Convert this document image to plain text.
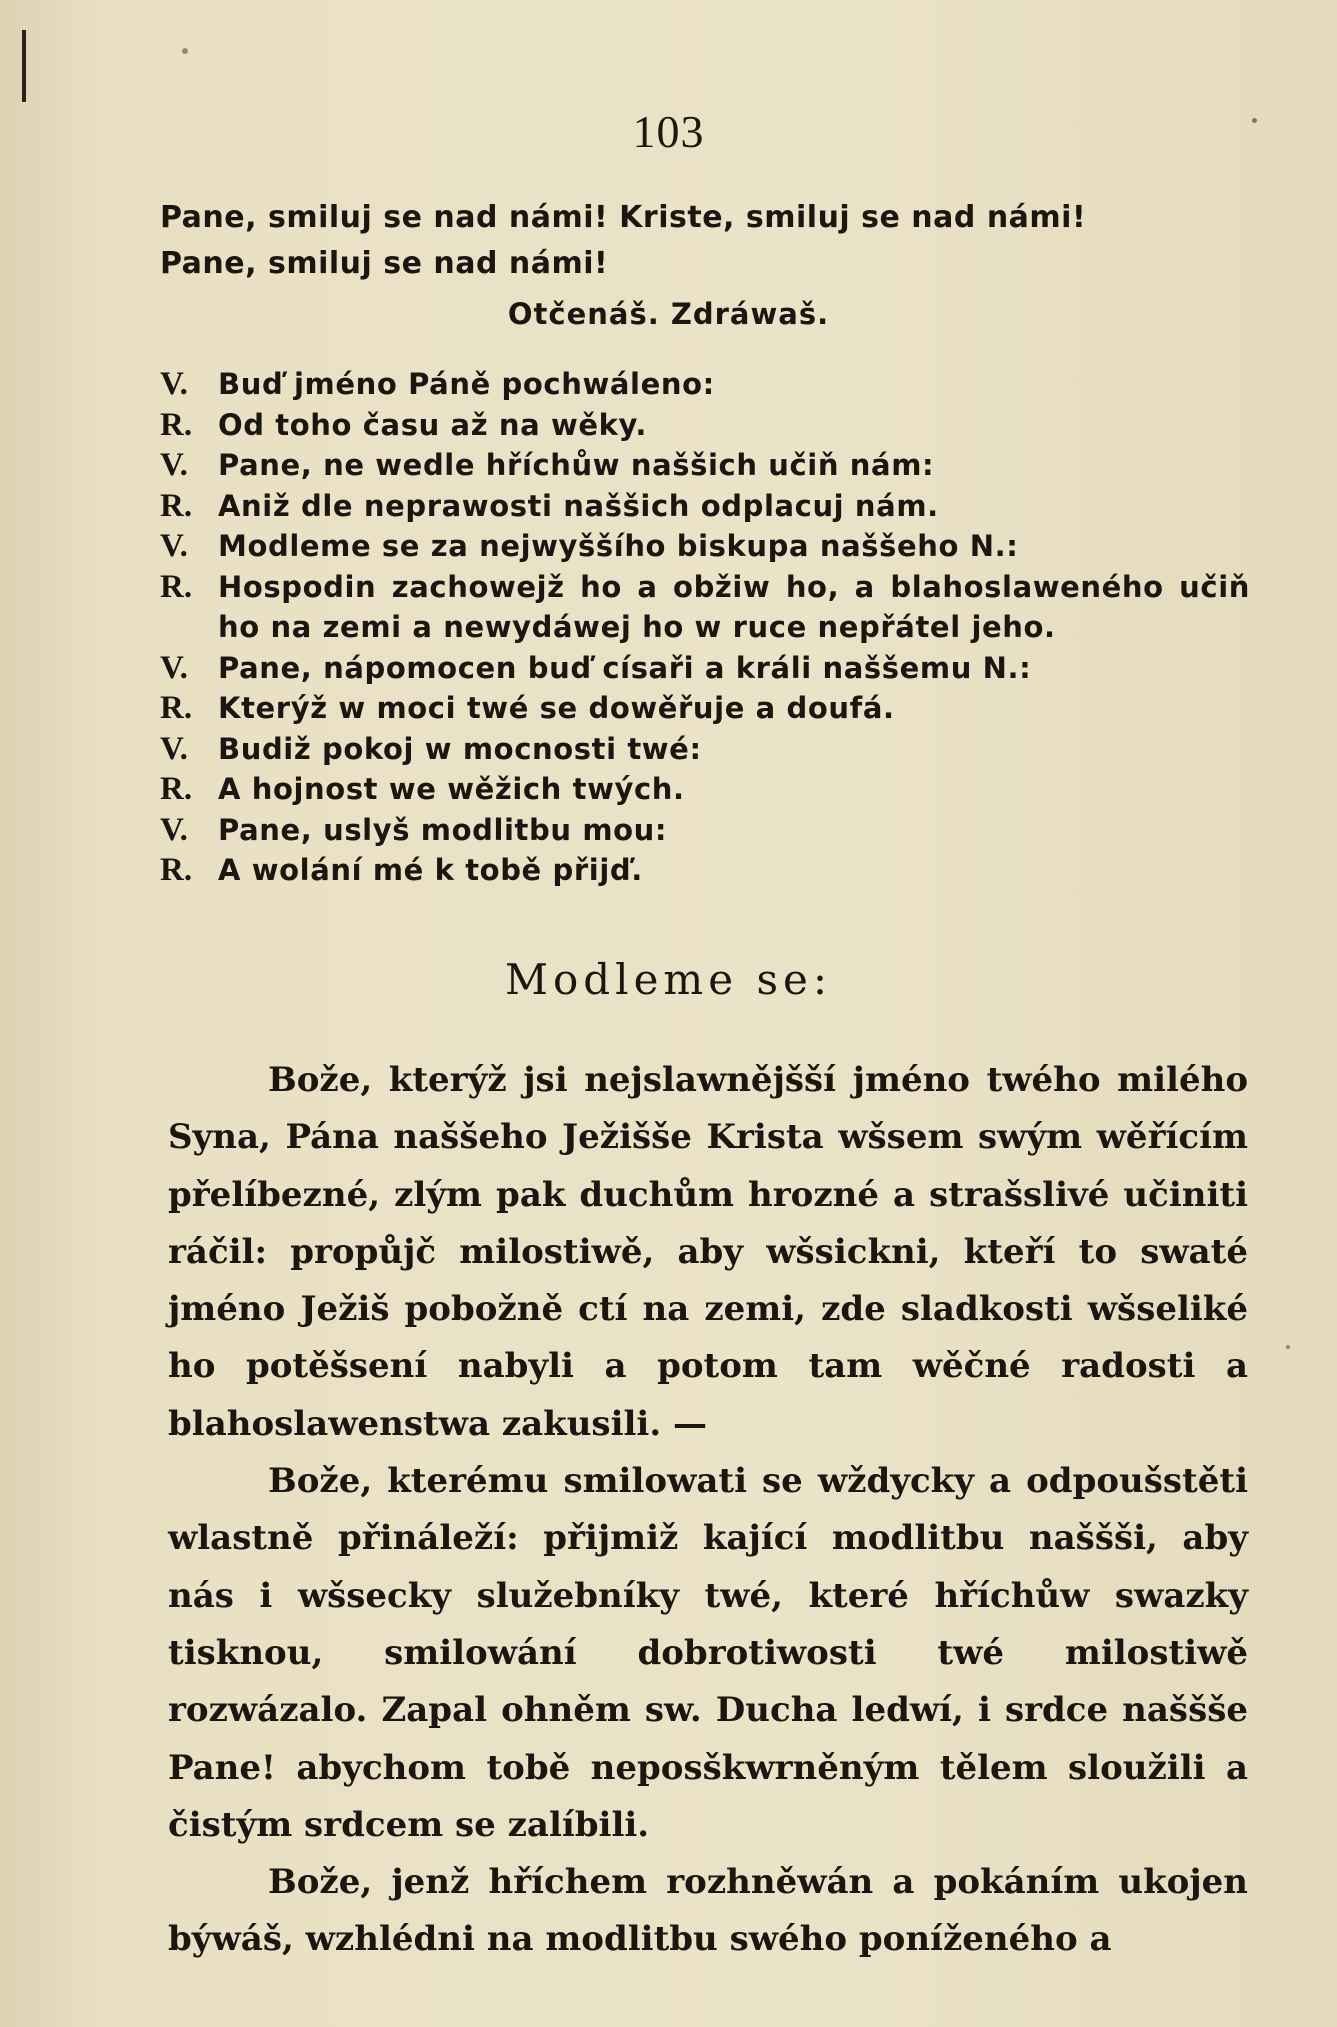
103
Pane, smiluj se nad námi! Kriste, smiluj se nad námi!
Pane, smiluj se nad námi!
Otčenáš. Zdráwaš.
V. Buď jméno Páně pochwáleno:
R. Od toho času až na wěky.
V. Pane, ne wedle hříchůw naššich učiň nám:
R. Aniž dle neprawosti naššich odplacuj nám.
V. Modleme se za nejwyššího biskupa naššeho N.:
R. Hospodin zachowejž ho a obžiw ho, a blahoslaweného učiň ho na zemi a newydáwej ho w ruce nepřátel jeho.
V. Pane, nápomocen buď císaři a králi naššemu N.:
R. Kterýž w moci twé se dowěřuje a doufá.
V. Budiž pokoj w mocnosti twé:
R. A hojnost we wěžich twých.
V. Pane, uslyš modlitbu mou:
R. A wolání mé k tobě přijď.
Modleme se:

Bože, kterýž jsi nejslawnějšší jméno twého milého Syna, Pána naššeho Ježišše Krista wšsem swým wěřícím přelíbezné, zlým pak duchům hrozné a strašslivé učiniti ráčil: propůjč milostiwě, aby wšsickni, kteří to swaté jméno Ježiš pobožně ctí na zemi, zde sladkosti wšseliké ho potěšsení nabyli a potom tam wěčné radosti a blahoslawenstwa zakusili. —

Bože, kterému smilowati se wždycky a odpoušstěti wlastně přináleží: přijmiž kající modlitbu naššši, aby nás i wšsecky služebníky twé, které hříchůw swazky tisknou, smilowání dobrotiwosti twé milostiwě rozwázalo. Zapal ohněm sw. Ducha ledwí, i srdce naššše Pane! abychom tobě neposškwrněným tělem sloužili a čistým srdcem se zalíbili.

Bože, jenž hříchem rozhněwán a pokáním ukojen býwáš, wzhlédni na modlitbu swého poníženého a
